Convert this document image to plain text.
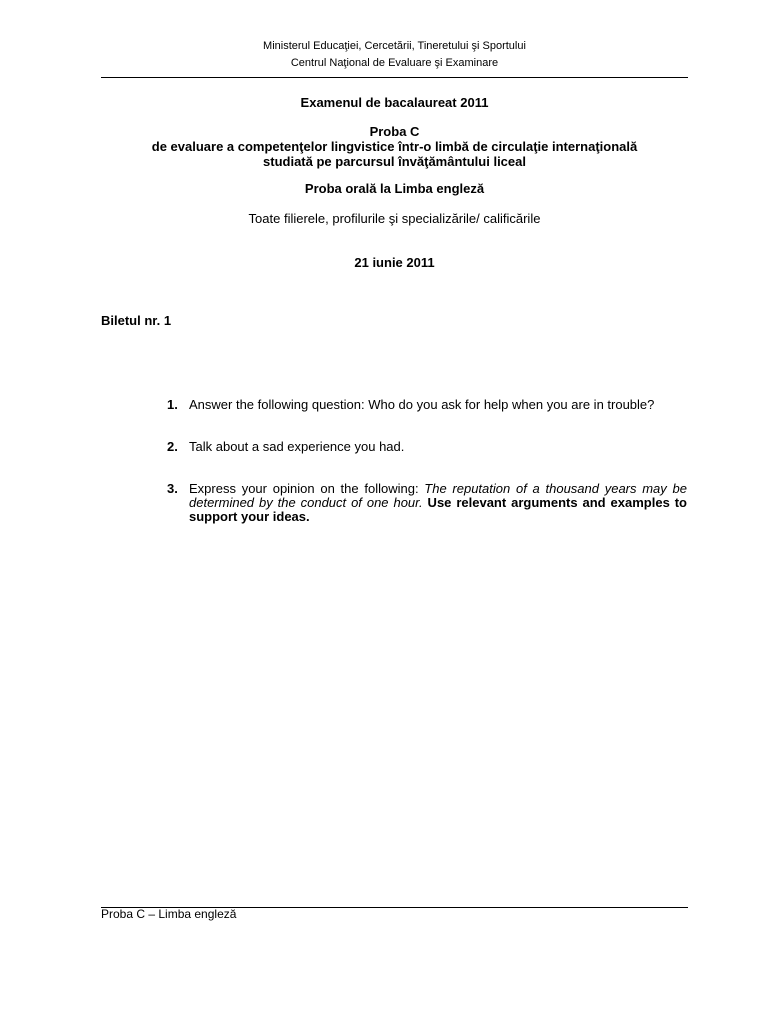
Ministerul Educaţiei, Cercetării, Tineretului şi Sportului
Centrul Naţional de Evaluare şi Examinare
Examenul de bacalaureat 2011
Proba C
de evaluare a competenţelor lingvistice într-o limbă de circulaţie internaţională
studiată pe parcursul învăţământului liceal
Proba orală la Limba engleză
Toate filierele, profilurile şi specializările/ calificările
21 iunie 2011
Biletul nr. 1
1. Answer the following question: Who do you ask for help when you are in trouble?
2. Talk about a sad experience you had.
3. Express your opinion on the following: The reputation of a thousand years may be determined by the conduct of one hour. Use relevant arguments and examples to support your ideas.
Proba C – Limba engleză
